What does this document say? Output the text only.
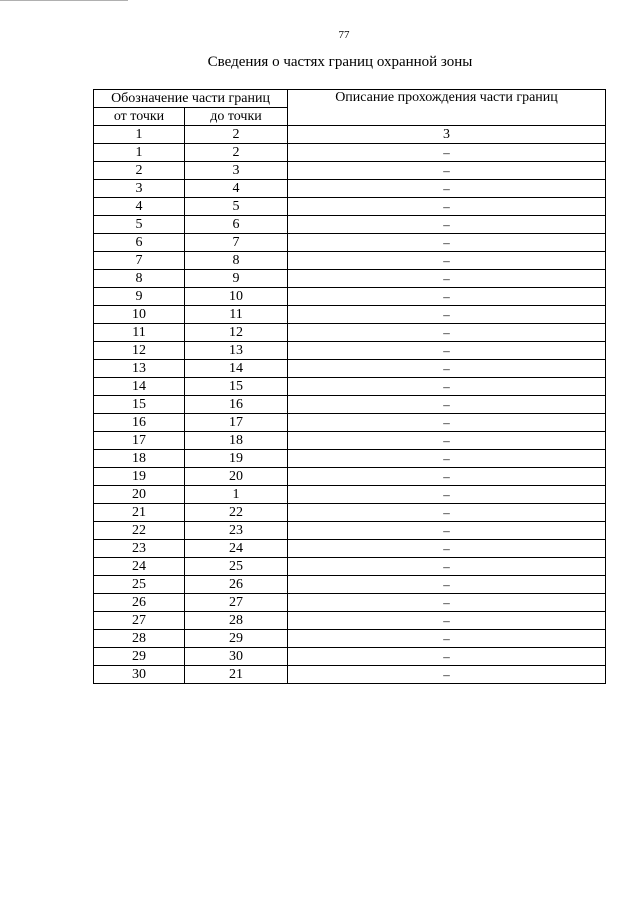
77
Сведения о частях границ охранной зоны
Обозначение части границ		Описание прохождения части границ
от точки	до точки	
1	2	3
1	2	–
2	3	–
3	4	–
4	5	–
5	6	–
6	7	–
7	8	–
8	9	–
9	10	–
10	11	–
11	12	–
12	13	–
13	14	–
14	15	–
15	16	–
16	17	–
17	18	–
18	19	–
19	20	–
20	1	–
21	22	–
22	23	–
23	24	–
24	25	–
25	26	–
26	27	–
27	28	–
28	29	–
29	30	–
30	21	–
